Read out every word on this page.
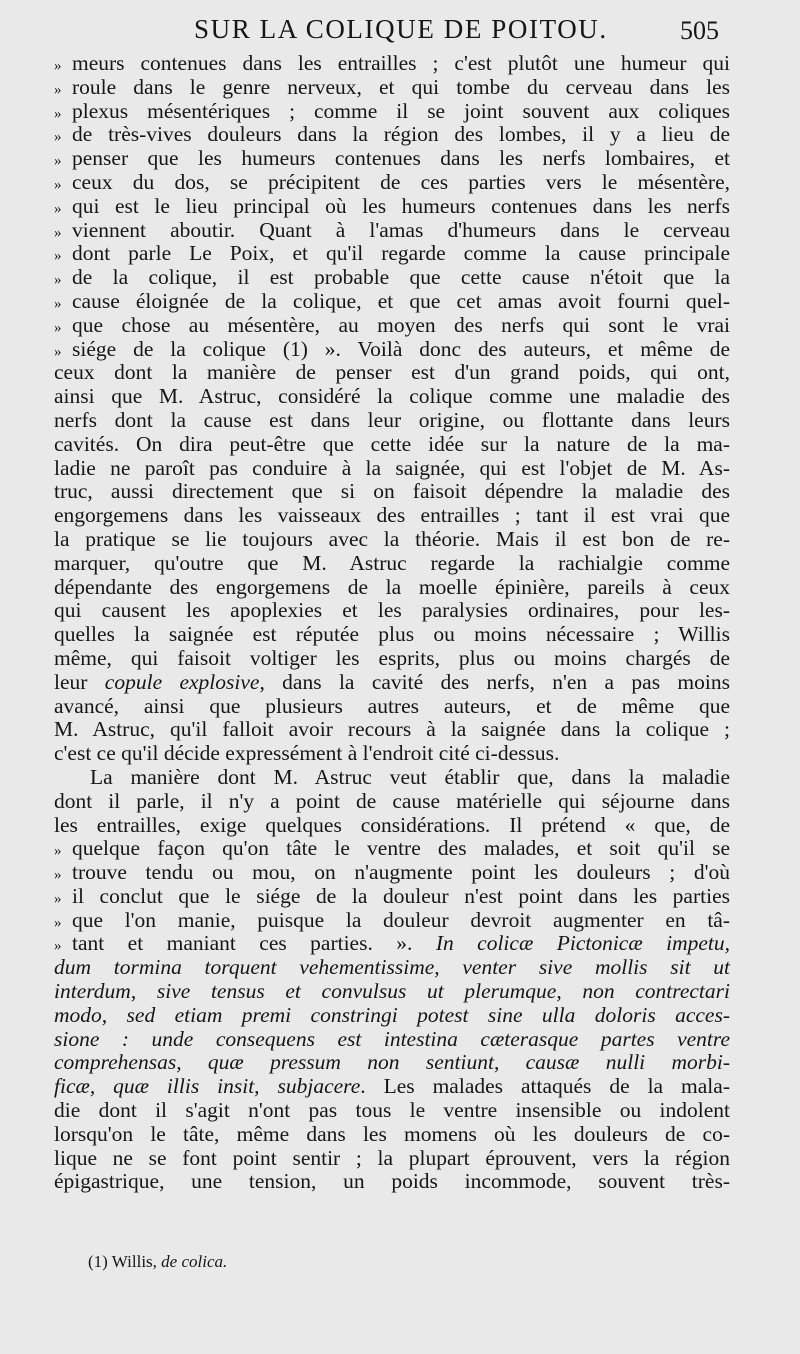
SUR LA COLIQUE DE POITOU.	505
» meurs contenues dans les entrailles ; c'est plutôt une humeur qui
» roule dans le genre nerveux, et qui tombe du cerveau dans les
» plexus mésentériques ; comme il se joint souvent aux coliques
» de très-vives douleurs dans la région des lombes, il y a lieu de
» penser que les humeurs contenues dans les nerfs lombaires, et
» ceux du dos, se précipitent de ces parties vers le mésentère,
» qui est le lieu principal où les humeurs contenues dans les nerfs
» viennent aboutir. Quant à l'amas d'humeurs dans le cerveau
» dont parle Le Poix, et qu'il regarde comme la cause principale
» de la colique, il est probable que cette cause n'étoit que la
» cause éloignée de la colique, et que cet amas avoit fourni quel-
» que chose au mésentère, au moyen des nerfs qui sont le vrai
» siége de la colique (1) ». Voilà donc des auteurs, et même de
ceux dont la manière de penser est d'un grand poids, qui ont,
ainsi que M. Astruc, considéré la colique comme une maladie des
nerfs dont la cause est dans leur origine, ou flottante dans leurs
cavités. On dira peut-être que cette idée sur la nature de la ma-
ladie ne paroît pas conduire à la saignée, qui est l'objet de M. As-
truc, aussi directement que si on faisoit dépendre la maladie des
engorgemens dans les vaisseaux des entrailles ; tant il est vrai que
la pratique se lie toujours avec la théorie. Mais il est bon de re-
marquer, qu'outre que M. Astruc regarde la rachialgie comme
dépendante des engorgemens de la moelle épinière, pareils à ceux
qui causent les apoplexies et les paralysies ordinaires, pour les-
quelles la saignée est réputée plus ou moins nécessaire ; Willis
même, qui faisoit voltiger les esprits, plus ou moins chargés de
leur copule explosive, dans la cavité des nerfs, n'en a pas moins
avancé, ainsi que plusieurs autres auteurs, et de même que
M. Astruc, qu'il falloit avoir recours à la saignée dans la colique ;
c'est ce qu'il décide expressément à l'endroit cité ci-dessus.
La manière dont M. Astruc veut établir que, dans la maladie
dont il parle, il n'y a point de cause matérielle qui séjourne dans
les entrailles, exige quelques considérations. Il prétend « que, de
» quelque façon qu'on tâte le ventre des malades, et soit qu'il se
» trouve tendu ou mou, on n'augmente point les douleurs ; d'où
» il conclut que le siége de la douleur n'est point dans les parties
» que l'on manie, puisque la douleur devroit augmenter en tâ-
» tant et maniant ces parties. ». In colicæ Pictonicæ impetu,
dum tormina torquent vehementissime, venter sive mollis sit ut
interdum, sive tensus et convulsus ut plerumque, non contrectari
modo, sed etiam premi constringi potest sine ulla doloris acces-
sione : unde consequens est intestina cæterasque partes ventre
comprehensas, quæ pressum non sentiunt, causæ nulli morbi-
ficæ, quæ illis insit, subjacere. Les malades attaqués de la mala-
die dont il s'agit n'ont pas tous le ventre insensible ou indolent
lorsqu'on le tâte, même dans les momens où les douleurs de co-
lique ne se font point sentir ; la plupart éprouvent, vers la région
épigastrique, une tension, un poids incommode, souvent très-
(1) Willis, de colica.
